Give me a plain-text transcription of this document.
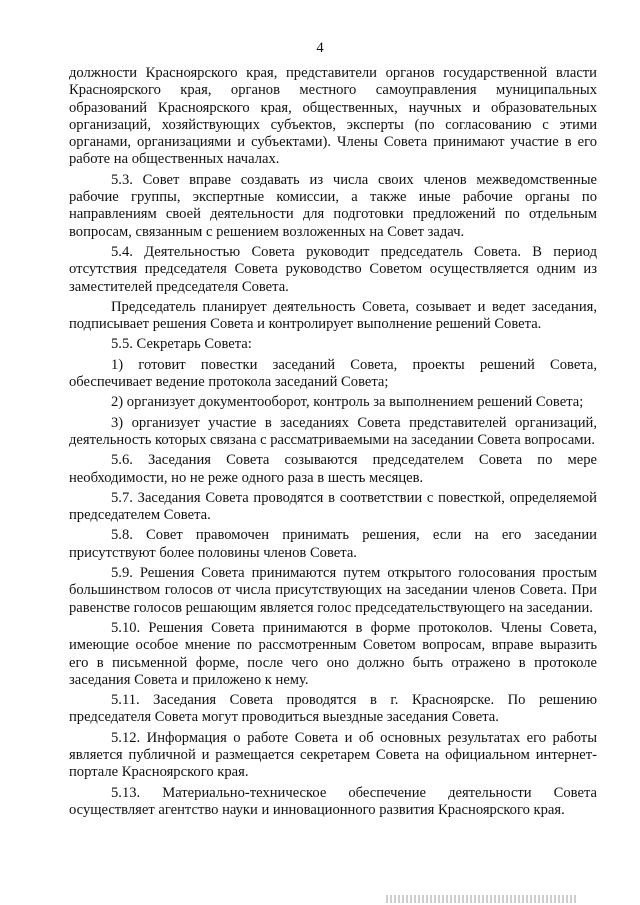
4

должности Красноярского края, представители органов государственной власти Красноярского края, органов местного самоуправления муниципальных образований Красноярского края, общественных, научных и образовательных организаций, хозяйствующих субъектов, эксперты (по согласованию с этими органами, организациями и субъектами). Члены Совета принимают участие в его работе на общественных началах.

5.3. Совет вправе создавать из числа своих членов межведомственные рабочие группы, экспертные комиссии, а также иные рабочие органы по направлениям своей деятельности для подготовки предложений по отдельным вопросам, связанным с решением возложенных на Совет задач.

5.4. Деятельностью Совета руководит председатель Совета. В период отсутствия председателя Совета руководство Советом осуществляется одним из заместителей председателя Совета.

Председатель планирует деятельность Совета, созывает и ведет заседания, подписывает решения Совета и контролирует выполнение решений Совета.

5.5. Секретарь Совета:

1) готовит повестки заседаний Совета, проекты решений Совета, обеспечивает ведение протокола заседаний Совета;

2) организует документооборот, контроль за выполнением решений Совета;

3) организует участие в заседаниях Совета представителей организаций, деятельность которых связана с рассматриваемыми на заседании Совета вопросами.

5.6. Заседания Совета созываются председателем Совета по мере необходимости, но не реже одного раза в шесть месяцев.

5.7. Заседания Совета проводятся в соответствии с повесткой, определяемой председателем Совета.

5.8. Совет правомочен принимать решения, если на его заседании присутствуют более половины членов Совета.

5.9. Решения Совета принимаются путем открытого голосования простым большинством голосов от числа присутствующих на заседании членов Совета. При равенстве голосов решающим является голос председательствующего на заседании.

5.10. Решения Совета принимаются в форме протоколов. Члены Совета, имеющие особое мнение по рассмотренным Советом вопросам, вправе выразить его в письменной форме, после чего оно должно быть отражено в протоколе заседания Совета и приложено к нему.

5.11. Заседания Совета проводятся в г. Красноярске. По решению председателя Совета могут проводиться выездные заседания Совета.

5.12. Информация о работе Совета и об основных результатах его работы является публичной и размещается секретарем Совета на официальном интернет-портале Красноярского края.

5.13. Материально-техническое обеспечение деятельности Совета осуществляет агентство науки и инновационного развития Красноярского края.
